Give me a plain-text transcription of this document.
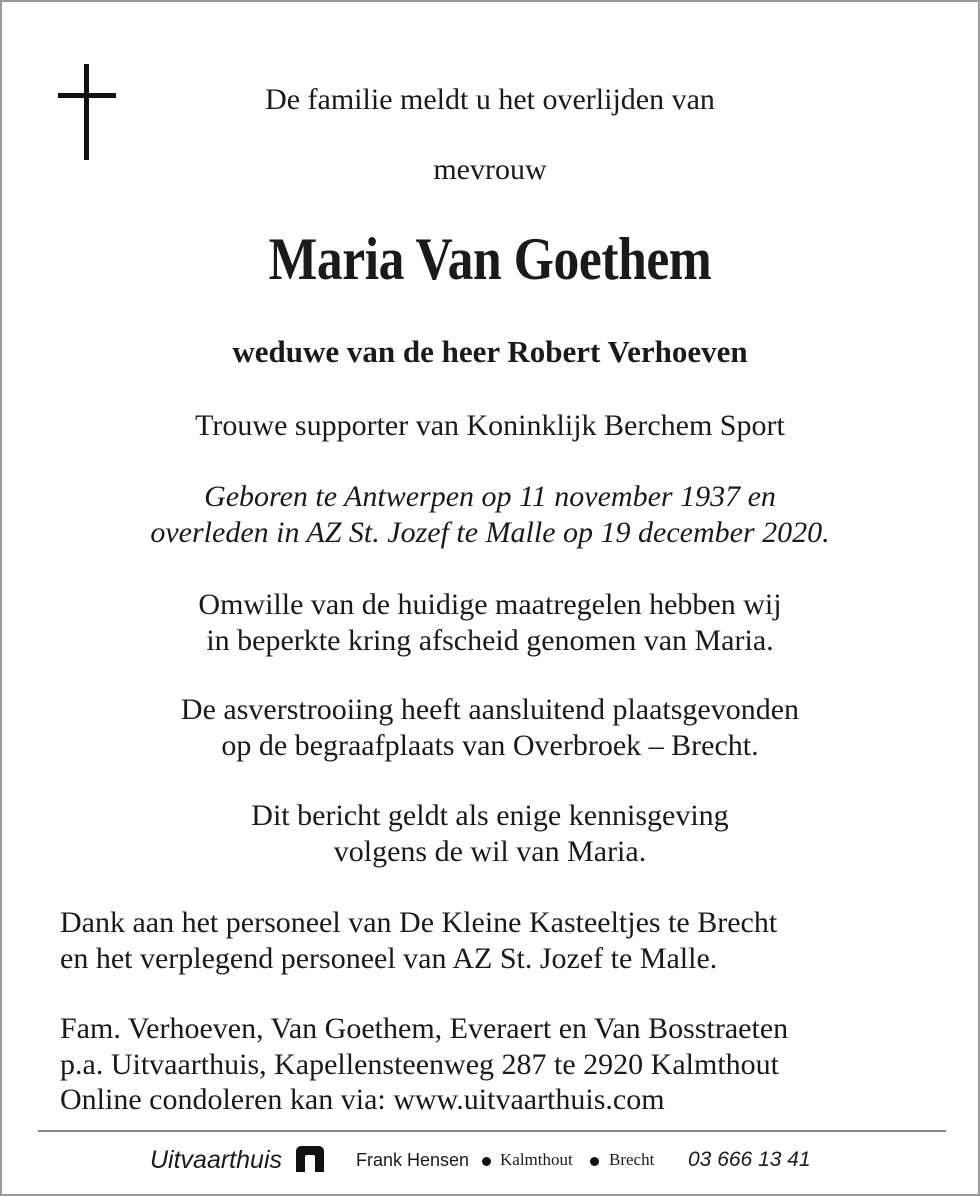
De familie meldt u het overlijden van
mevrouw
Maria Van Goethem
weduwe van de heer Robert Verhoeven
Trouwe supporter van Koninklijk Berchem Sport
Geboren te Antwerpen op 11 november 1937 en
overleden in AZ St. Jozef te Malle op 19 december 2020.
Omwille van de huidige maatregelen hebben wij
in beperkte kring afscheid genomen van Maria.
De asverstrooiing heeft aansluitend plaatsgevonden
op de begraafplaats van Overbroek – Brecht.
Dit bericht geldt als enige kennisgeving
volgens de wil van Maria.
Dank aan het personeel van De Kleine Kasteeltjes te Brecht
en het verplegend personeel van AZ St. Jozef te Malle.
Fam. Verhoeven, Van Goethem, Everaert en Van Bosstraeten
p.a. Uitvaarthuis, Kapellensteenweg 287 te 2920 Kalmthout
Online condoleren kan via: www.uitvaarthuis.com
Uitvaarthuis	Frank Hensen Kalmthout Brecht 03 666 13 41
